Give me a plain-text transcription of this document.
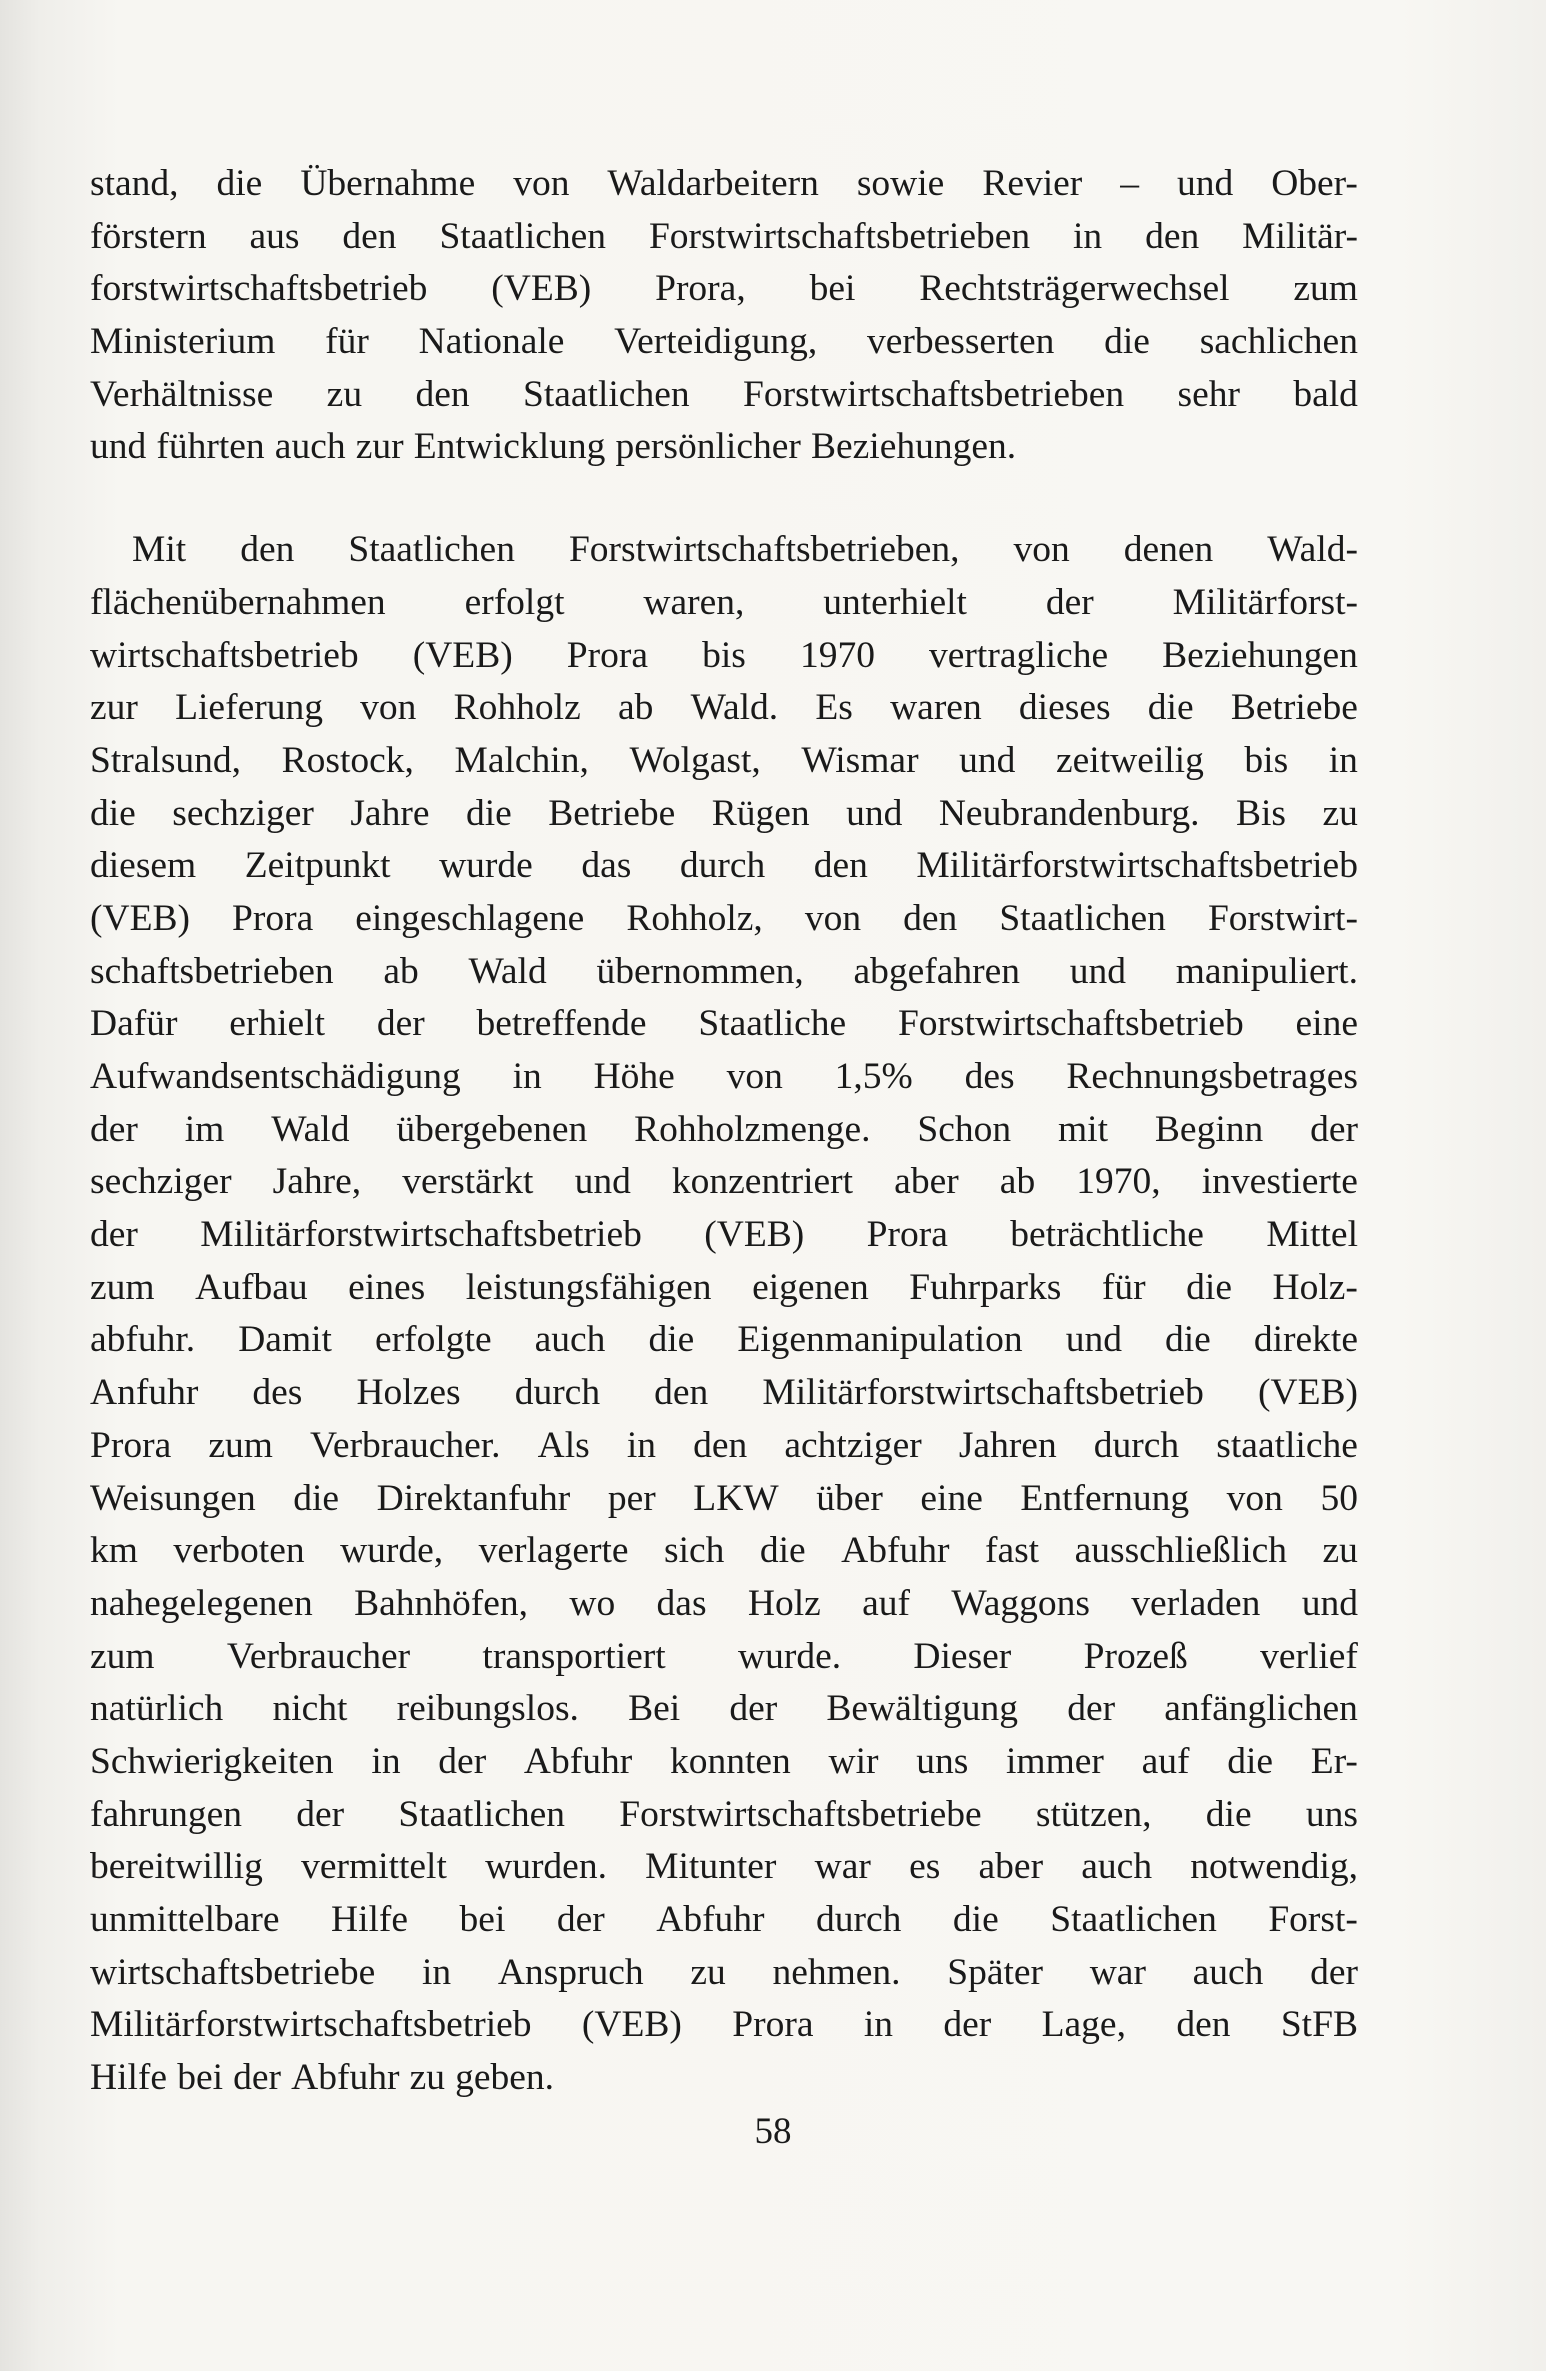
stand, die Übernahme von Waldarbeitern sowie Revier – und Ober-
förstern aus den Staatlichen Forstwirtschaftsbetrieben in den Militär-
forstwirtschaftsbetrieb (VEB) Prora, bei Rechtsträgerwechsel zum
Ministerium für Nationale Verteidigung, verbesserten die sachlichen
Verhältnisse zu den Staatlichen Forstwirtschaftsbetrieben sehr bald
und führten auch zur Entwicklung persönlicher Beziehungen.
Mit den Staatlichen Forstwirtschaftsbetrieben, von denen Wald-
flächenübernahmen erfolgt waren, unterhielt der Militärforst-
wirtschaftsbetrieb (VEB) Prora bis 1970 vertragliche Beziehungen
zur Lieferung von Rohholz ab Wald. Es waren dieses die Betriebe
Stralsund, Rostock, Malchin, Wolgast, Wismar und zeitweilig bis in
die sechziger Jahre die Betriebe Rügen und Neubrandenburg. Bis zu
diesem Zeitpunkt wurde das durch den Militärforstwirtschaftsbetrieb
(VEB) Prora eingeschlagene Rohholz, von den Staatlichen Forstwirt-
schaftsbetrieben ab Wald übernommen, abgefahren und manipuliert.
Dafür erhielt der betreffende Staatliche Forstwirtschaftsbetrieb eine
Aufwandsentschädigung in Höhe von 1,5% des Rechnungsbetrages
der im Wald übergebenen Rohholzmenge. Schon mit Beginn der
sechziger Jahre, verstärkt und konzentriert aber ab 1970, investierte
der Militärforstwirtschaftsbetrieb (VEB) Prora beträchtliche Mittel
zum Aufbau eines leistungsfähigen eigenen Fuhrparks für die Holz-
abfuhr. Damit erfolgte auch die Eigenmanipulation und die direkte
Anfuhr des Holzes durch den Militärforstwirtschaftsbetrieb (VEB)
Prora zum Verbraucher. Als in den achtziger Jahren durch staatliche
Weisungen die Direktanfuhr per LKW über eine Entfernung von 50
km verboten wurde, verlagerte sich die Abfuhr fast ausschließlich zu
nahegelegenen Bahnhöfen, wo das Holz auf Waggons verladen und
zum Verbraucher transportiert wurde. Dieser Prozeß verlief
natürlich nicht reibungslos. Bei der Bewältigung der anfänglichen
Schwierigkeiten in der Abfuhr konnten wir uns immer auf die Er-
fahrungen der Staatlichen Forstwirtschaftsbetriebe stützen, die uns
bereitwillig vermittelt wurden. Mitunter war es aber auch notwendig,
unmittelbare Hilfe bei der Abfuhr durch die Staatlichen Forst-
wirtschaftsbetriebe in Anspruch zu nehmen. Später war auch der
Militärforstwirtschaftsbetrieb (VEB) Prora in der Lage, den StFB
Hilfe bei der Abfuhr zu geben.
58
